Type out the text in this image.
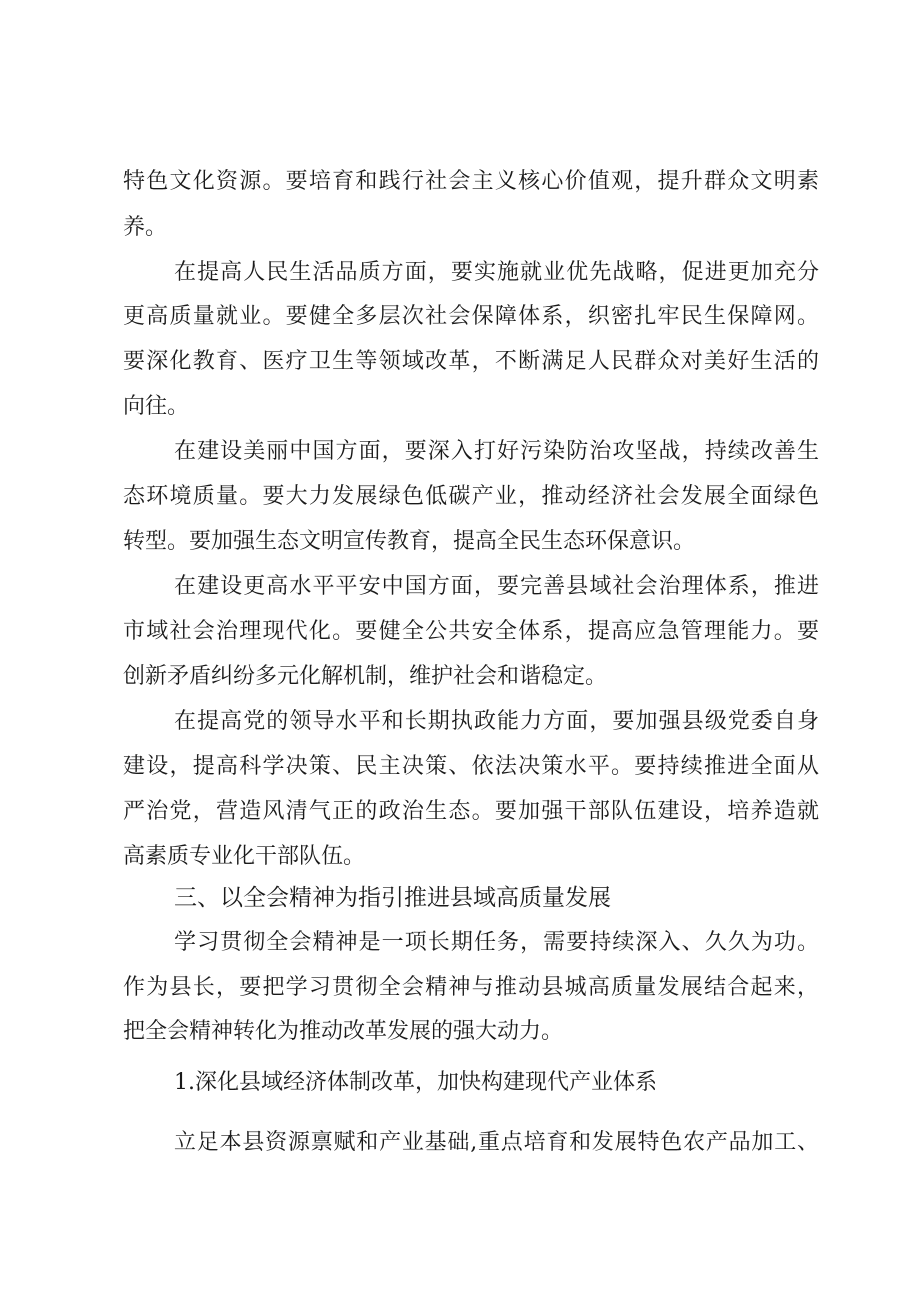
特色文化资源。要培育和践行社会主义核心价值观，提升群众文明素
养。
在提高人民生活品质方面，要实施就业优先战略，促进更加充分
更高质量就业。要健全多层次社会保障体系，织密扎牢民生保障网。
要深化教育、医疗卫生等领域改革，不断满足人民群众对美好生活的
向往。
在建设美丽中国方面，要深入打好污染防治攻坚战，持续改善生
态环境质量。要大力发展绿色低碳产业，推动经济社会发展全面绿色
转型。要加强生态文明宣传教育，提高全民生态环保意识。
在建设更高水平平安中国方面，要完善县域社会治理体系，推进
市域社会治理现代化。要健全公共安全体系，提高应急管理能力。要
创新矛盾纠纷多元化解机制，维护社会和谐稳定。
在提高党的领导水平和长期执政能力方面，要加强县级党委自身
建设，提高科学决策、民主决策、依法决策水平。要持续推进全面从
严治党，营造风清气正的政治生态。要加强干部队伍建设，培养造就
高素质专业化干部队伍。
三、以全会精神为指引推进县域高质量发展
学习贯彻全会精神是一项长期任务，需要持续深入、久久为功。
作为县长，要把学习贯彻全会精神与推动县城高质量发展结合起来，
把全会精神转化为推动改革发展的强大动力。
1.深化县域经济体制改革，加快构建现代产业体系
立足本县资源禀赋和产业基础,重点培育和发展特色农产品加工、
